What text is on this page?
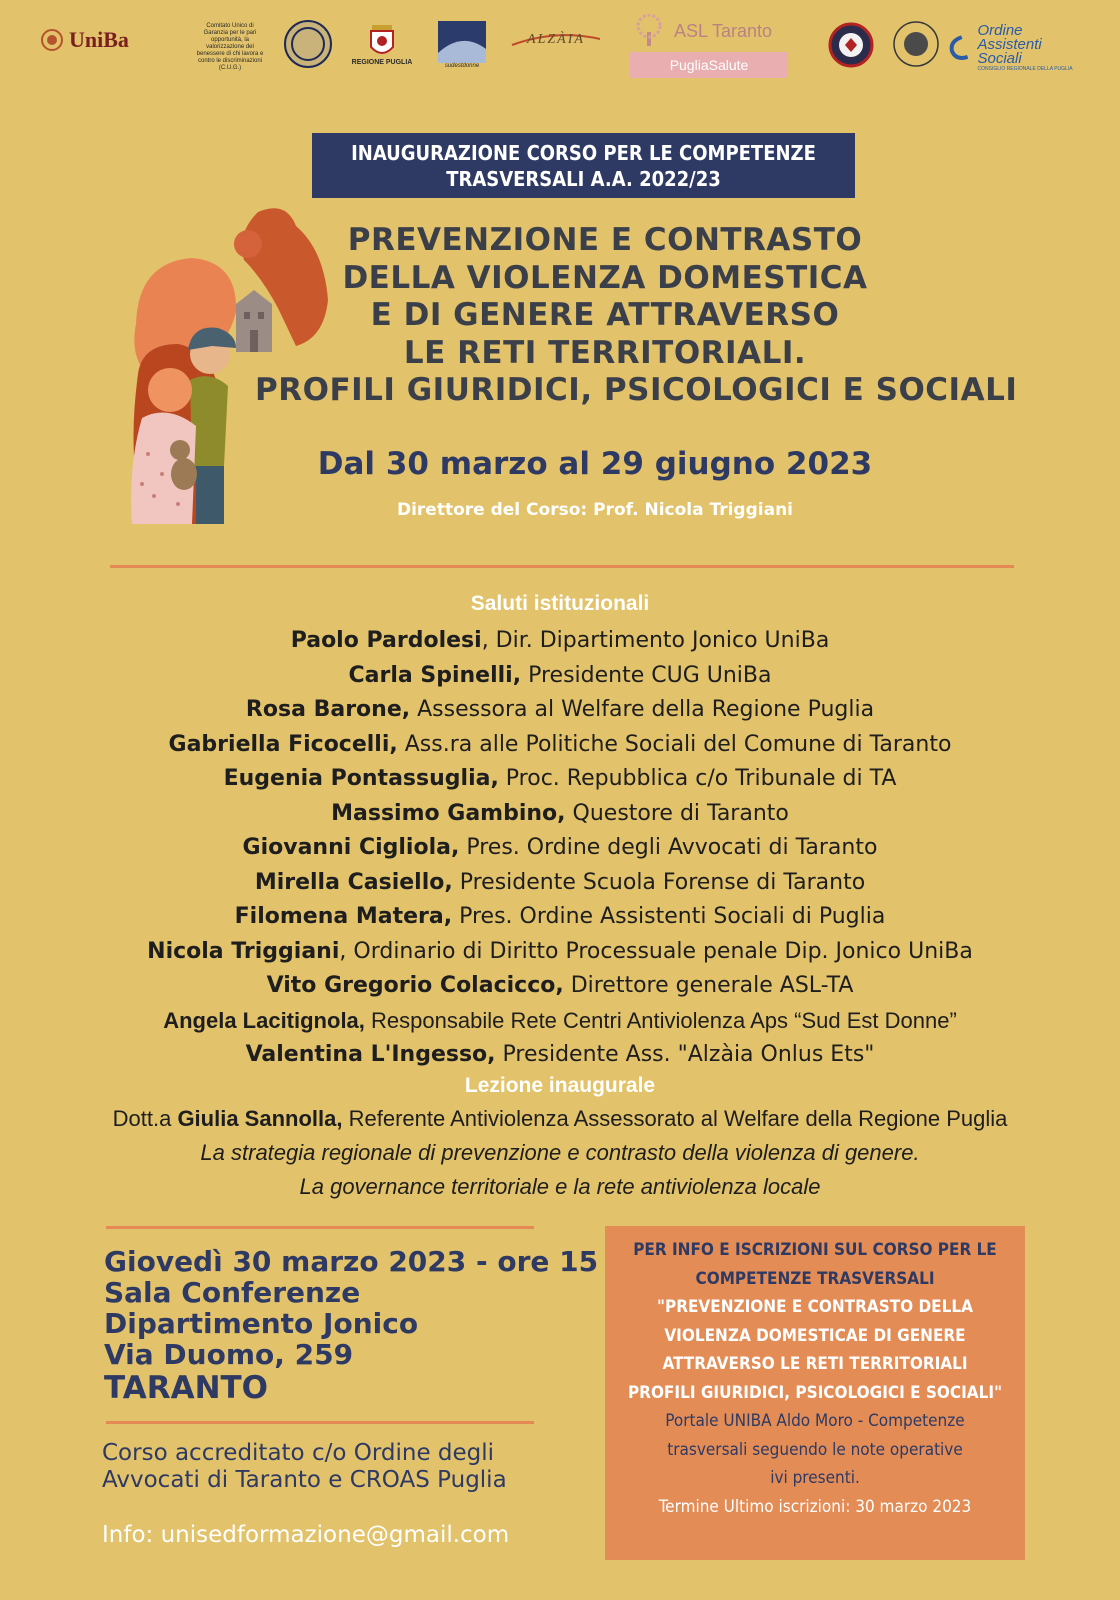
UniBa
Comitato Unico di Garanzia per le pari opportunità, la valorizzazione del benessere di chi lavora e contro le discriminazioni (C.U.G.)
REGIONE PUGLIA	sudestdonne
ALZÀIA	ASL Taranto
PugliaSalute
Ordine
Assistenti Sociali
CONSIGLIO REGIONALE DELLA PUGLIA
INAUGURAZIONE CORSO PER LE COMPETENZE
TRASVERSALI A.A. 2022/23
PREVENZIONE E CONTRASTO
DELLA VIOLENZA DOMESTICA
E DI GENERE ATTRAVERSO
LE RETI TERRITORIALI.
PROFILI GIURIDICI, PSICOLOGICI E SOCIALI
Dal 30 marzo al 29 giugno 2023
Direttore del Corso: Prof. Nicola Triggiani
Saluti istituzionali
Paolo Pardolesi, Dir. Dipartimento Jonico UniBa
Carla Spinelli, Presidente CUG UniBa
Rosa Barone, Assessora al Welfare della Regione Puglia
Gabriella Ficocelli, Ass.ra alle Politiche Sociali del Comune di Taranto
Eugenia Pontassuglia, Proc. Repubblica c/o Tribunale di TA
Massimo Gambino, Questore di Taranto
Giovanni Cigliola, Pres. Ordine degli Avvocati di Taranto
Mirella Casiello, Presidente Scuola Forense di Taranto
Filomena Matera, Pres. Ordine Assistenti Sociali di Puglia
Nicola Triggiani, Ordinario di Diritto Processuale penale Dip. Jonico UniBa
Vito Gregorio Colacicco, Direttore generale ASL-TA
Angela Lacitignola, Responsabile Rete Centri Antiviolenza Aps “Sud Est Donne”
Valentina L'Ingesso, Presidente Ass. "Alzàia Onlus Ets"
Lezione inaugurale
Dott.a Giulia Sannolla, Referente Antiviolenza Assessorato al Welfare della Regione Puglia
La strategia regionale di prevenzione e contrasto della violenza di genere.
La governance territoriale e la rete antiviolenza locale
Giovedì 30 marzo 2023 - ore 15
Sala Conferenze
Dipartimento Jonico
Via Duomo, 259
TARANTO
Corso accreditato c/o Ordine degli
Avvocati di Taranto e CROAS Puglia
Info: unisedformazione@gmail.com
PER INFO E ISCRIZIONI SUL CORSO PER LE
COMPETENZE TRASVERSALI
"PREVENZIONE E CONTRASTO DELLA
VIOLENZA DOMESTICAE DI GENERE
ATTRAVERSO LE RETI TERRITORIALI
PROFILI GIURIDICI, PSICOLOGICI E SOCIALI"
Portale UNIBA Aldo Moro - Competenze
trasversali seguendo le note operative
ivi presenti.
Termine Ultimo iscrizioni: 30 marzo 2023
